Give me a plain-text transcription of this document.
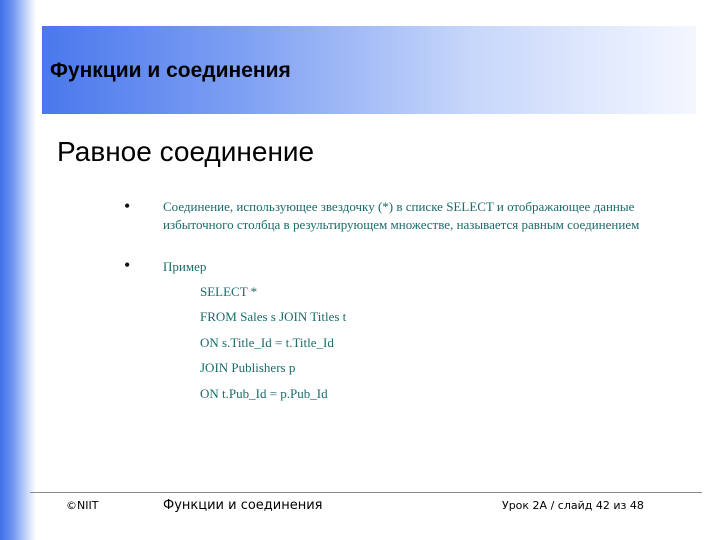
Функции и соединения
Равное соединение
•	Соединение, использующее звездочку (*) в списке SELECT и отображающее данные избыточного столбца в результирующем множестве, называется равным соединением
•	Пример
SELECT *
FROM Sales s JOIN Titles t
ON s.Title_Id = t.Title_Id
JOIN Publishers p
ON t.Pub_Id = p.Pub_Id
©NIIT	Функции и соединения	Урок 2A / слайд 42 из 48
